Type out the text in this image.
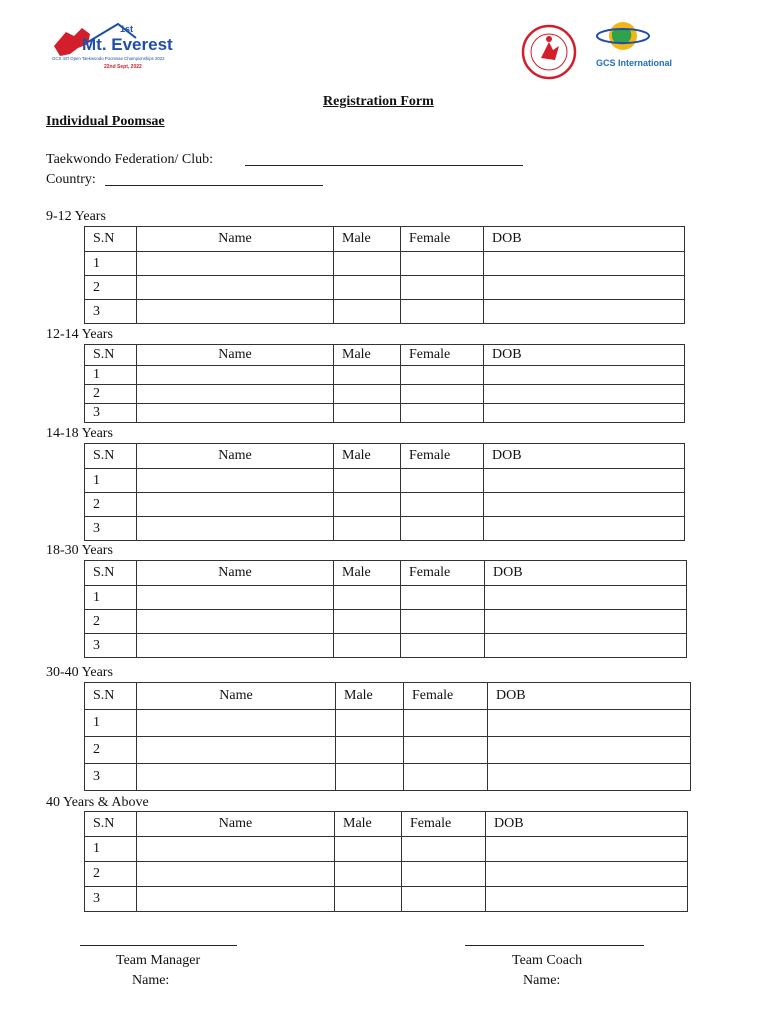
1st
Mt. Everest
GCS Int'l Open Taekwondo Poomsae Championships 2022
22nd Sept, 2022	GCS International
Registration Form
Individual Poomsae
Taekwondo Federation/ Club:
Country:
9-12 Years
12-14 Years
14-18 Years
18-30 Years
30-40 Years
40 Years & Above
S.N	Name	Male	Female	DOB
1				
2				
3				
S.N	Name	Male	Female	DOB
1				
2				
3				
S.N	Name	Male	Female	DOB
1				
2				
3				
S.N	Name	Male	Female	DOB
1				
2				
3				
S.N	Name	Male	Female	DOB
1				
2				
3				
S.N	Name	Male	Female	DOB
1				
2				
3				
Team Manager
Name:
Team Coach
Name:
